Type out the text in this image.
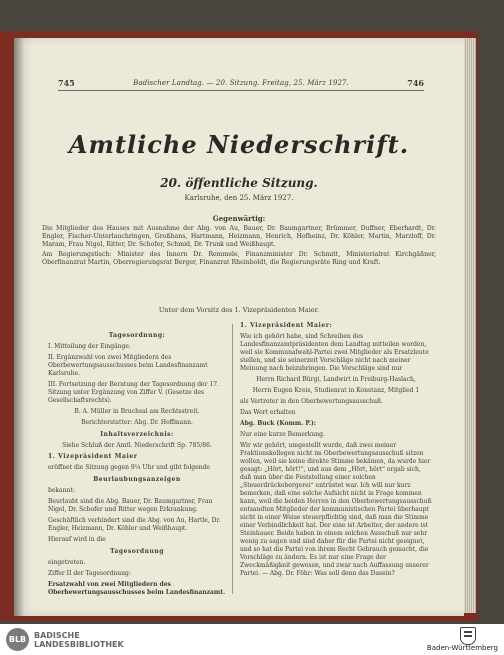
745	Badischer Landtag. — 20. Sitzung. Freitag, 25. März 1927.	746
Amtliche Niederschrift.
20. öffentliche Sitzung.
Karlsruhe, den 25. März 1927.
Gegenwärtig:

Die Mitglieder des Hauses mit Ausnahme der Abg. von Au, Bauer, Dr. Baumgartner, Brümmer, Duffner, Eberhardt, Dr. Engler, Fischer-Unterlauchringen, Großhans, Hartmann, Heizmann, Henrich, Hofheinz, Dr. Köhler, Martin, Marzloff, Dr. Maram, Frau Nigel, Ritter, Dr. Schofer, Schmid, Dr. Trunk und Weißhaupt.

Am Regierungstisch: Minister des Innern Dr. Remmele, Finanzminister Dr. Schmitt, Ministerialrat Kirchgäßner, Oberfinanzrat Martin, Oberregierungsrat Berger, Finanzrat Rheinboldt, die Regierungsräte Ring und Kraft.

Unter dem Vorsitz des 1. Vizepräsidenten Maier.
Tagesordnung:

I. Mitteilung der Eingänge.

II. Ergänzwahl von zwei Mitgliedern des Oberbewertungsausschusses beim Landesfinanzamt Karlsruhe.

III. Fortsetzung der Beratung der Tagesordnung der 17. Sitzung unter Ergänzung von Ziffer V. (Gesetze des Gesellschaftsrechts).

B. A. Müller in Bruchsal am Rechtsstreit.

Berichterstatter: Abg. Dr. Hoffmann.

Inhaltsverzeichnis:

Siehe Schluß der Amtl. Niederschrift Sp. 785/86.

1. Vizepräsident Maier

eröffnet die Sitzung gegen 9¼ Uhr und gibt folgende

Beurlaubungsanzeigen

bekannt:

Beurlaubt sind die Abg. Bauer, Dr. Baumgartner, Frau Nigel, Dr. Schofer und Ritter wegen Erkrankung.

Geschäftlich verhindert sind die Abg. von Au, Hartle, Dr. Engler, Heizmann, Dr. Köhler und Weißhaupt.

Hierauf wird in die

Tagesordnung

eingetreten.

Ziffer II der Tagesordnung:

Ersatzwahl von zwei Mitgliedern des Oberbewertungsausschusses beim Landesfinanzamt.

1. Vizepräsident Maier:

Wie ich gehört habe, sind Schreiben des Landesfinanzamtpräsidenten dem Landtag mitteilen worden, weil sie Kommunalwahl-Partei zwei Mitglieder als Ersatzleute stellen, und sie seinerzeit Vorschläge nicht nach meiner Meinung nach beizubringen. Die Vorschläge sind nur

Herrn Richard Bürgi, Landwirt in Freiburg-Haslach,

Herrn Eugen Kreis, Studienrat in Konstanz, Mitglied 1

als Vertreter in den Oberbewertungsausschuß.

Das Wort erhalten

Abg. Buck (Komm. P.):

Nur eine kurze Bemerkung.

Wir wir gehört, umgestellt wurde, daß zwei meiner Fraktionskollegen nicht im Oberbewertungsausschuß sitzen wollen, weil sie keine direkte Stimme bekämen, da wurde hier gesagt: „Hört, hört!“, und aus dem „Hört, hört“ ergab sich, daß man über die Feststellung einer solchen „Steuerdrückebergerei“ entrüstet war. Ich will nur kurz bemerken, daß eine solche Aufsicht nicht in Frage kommen kann, weil die beiden Herren in den Oberbewertungsausschuß entsandten Mitglieder der kommunistischen Partei überhaupt nicht in einer Weise steuerpflichtig sind, daß man die Stimme einer Verbindlichkeit hat. Der eine ist Arbeiter, der andere ist Steinhauer. Beide haben in einem solchen Ausschuß nur sehr wenig zu sagen und sind daher für die Partei nicht geeignet, und so hat die Partei von ihrem Recht Gebrauch gemacht, die Vorschläge zu ändern. Es ist nur eine Frage der Zweckmäßigkeit gewesen, und zwar nach Auffassung unserer Partei. — Abg. Dr. Föhr: Was soll denn das Dasein?

BLB BADISCHE
LANDESBIBLIOTHEK	Baden-Württemberg
